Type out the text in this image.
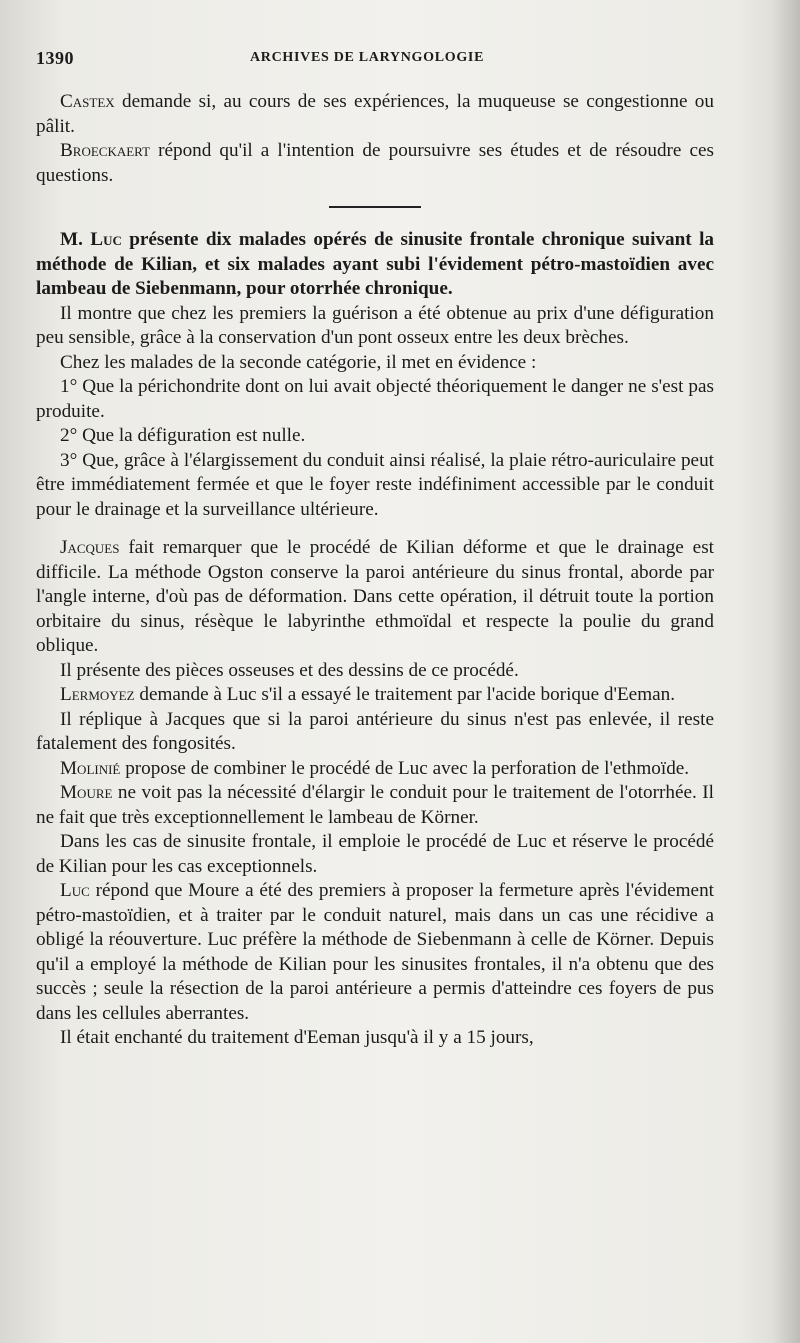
1390	ARCHIVES DE LARYNGOLOGIE

Castex demande si, au cours de ses expériences, la muqueuse se congestionne ou pâlit.

Broeckaert répond qu'il a l'intention de poursuivre ses études et de résoudre ces questions.

M. Luc présente dix malades opérés de sinusite frontale chronique suivant la méthode de Kilian, et six malades ayant subi l'évidement pétro-mastoïdien avec lambeau de Siebenmann, pour otorrhée chronique.

Il montre que chez les premiers la guérison a été obtenue au prix d'une défiguration peu sensible, grâce à la conservation d'un pont osseux entre les deux brèches.

Chez les malades de la seconde catégorie, il met en évidence :

1° Que la périchondrite dont on lui avait objecté théoriquement le danger ne s'est pas produite.

2° Que la défiguration est nulle.

3° Que, grâce à l'élargissement du conduit ainsi réalisé, la plaie rétro-auriculaire peut être immédiatement fermée et que le foyer reste indéfiniment accessible par le conduit pour le drainage et la surveillance ultérieure.

Jacques fait remarquer que le procédé de Kilian déforme et que le drainage est difficile. La méthode Ogston conserve la paroi antérieure du sinus frontal, aborde par l'angle interne, d'où pas de déformation. Dans cette opération, il détruit toute la portion orbitaire du sinus, résèque le labyrinthe ethmoïdal et respecte la poulie du grand oblique.

Il présente des pièces osseuses et des dessins de ce procédé.

Lermoyez demande à Luc s'il a essayé le traitement par l'acide borique d'Eeman.

Il réplique à Jacques que si la paroi antérieure du sinus n'est pas enlevée, il reste fatalement des fongosités.

Molinié propose de combiner le procédé de Luc avec la perforation de l'ethmoïde.

Moure ne voit pas la nécessité d'élargir le conduit pour le traitement de l'otorrhée. Il ne fait que très exceptionnellement le lambeau de Körner.

Dans les cas de sinusite frontale, il emploie le procédé de Luc et réserve le procédé de Kilian pour les cas exceptionnels.

Luc répond que Moure a été des premiers à proposer la fermeture après l'évidement pétro-mastoïdien, et à traiter par le conduit naturel, mais dans un cas une récidive a obligé la réouverture. Luc préfère la méthode de Siebenmann à celle de Körner. Depuis qu'il a employé la méthode de Kilian pour les sinusites frontales, il n'a obtenu que des succès ; seule la résection de la paroi antérieure a permis d'atteindre ces foyers de pus dans les cellules aberrantes.

Il était enchanté du traitement d'Eeman jusqu'à il y a 15 jours,
